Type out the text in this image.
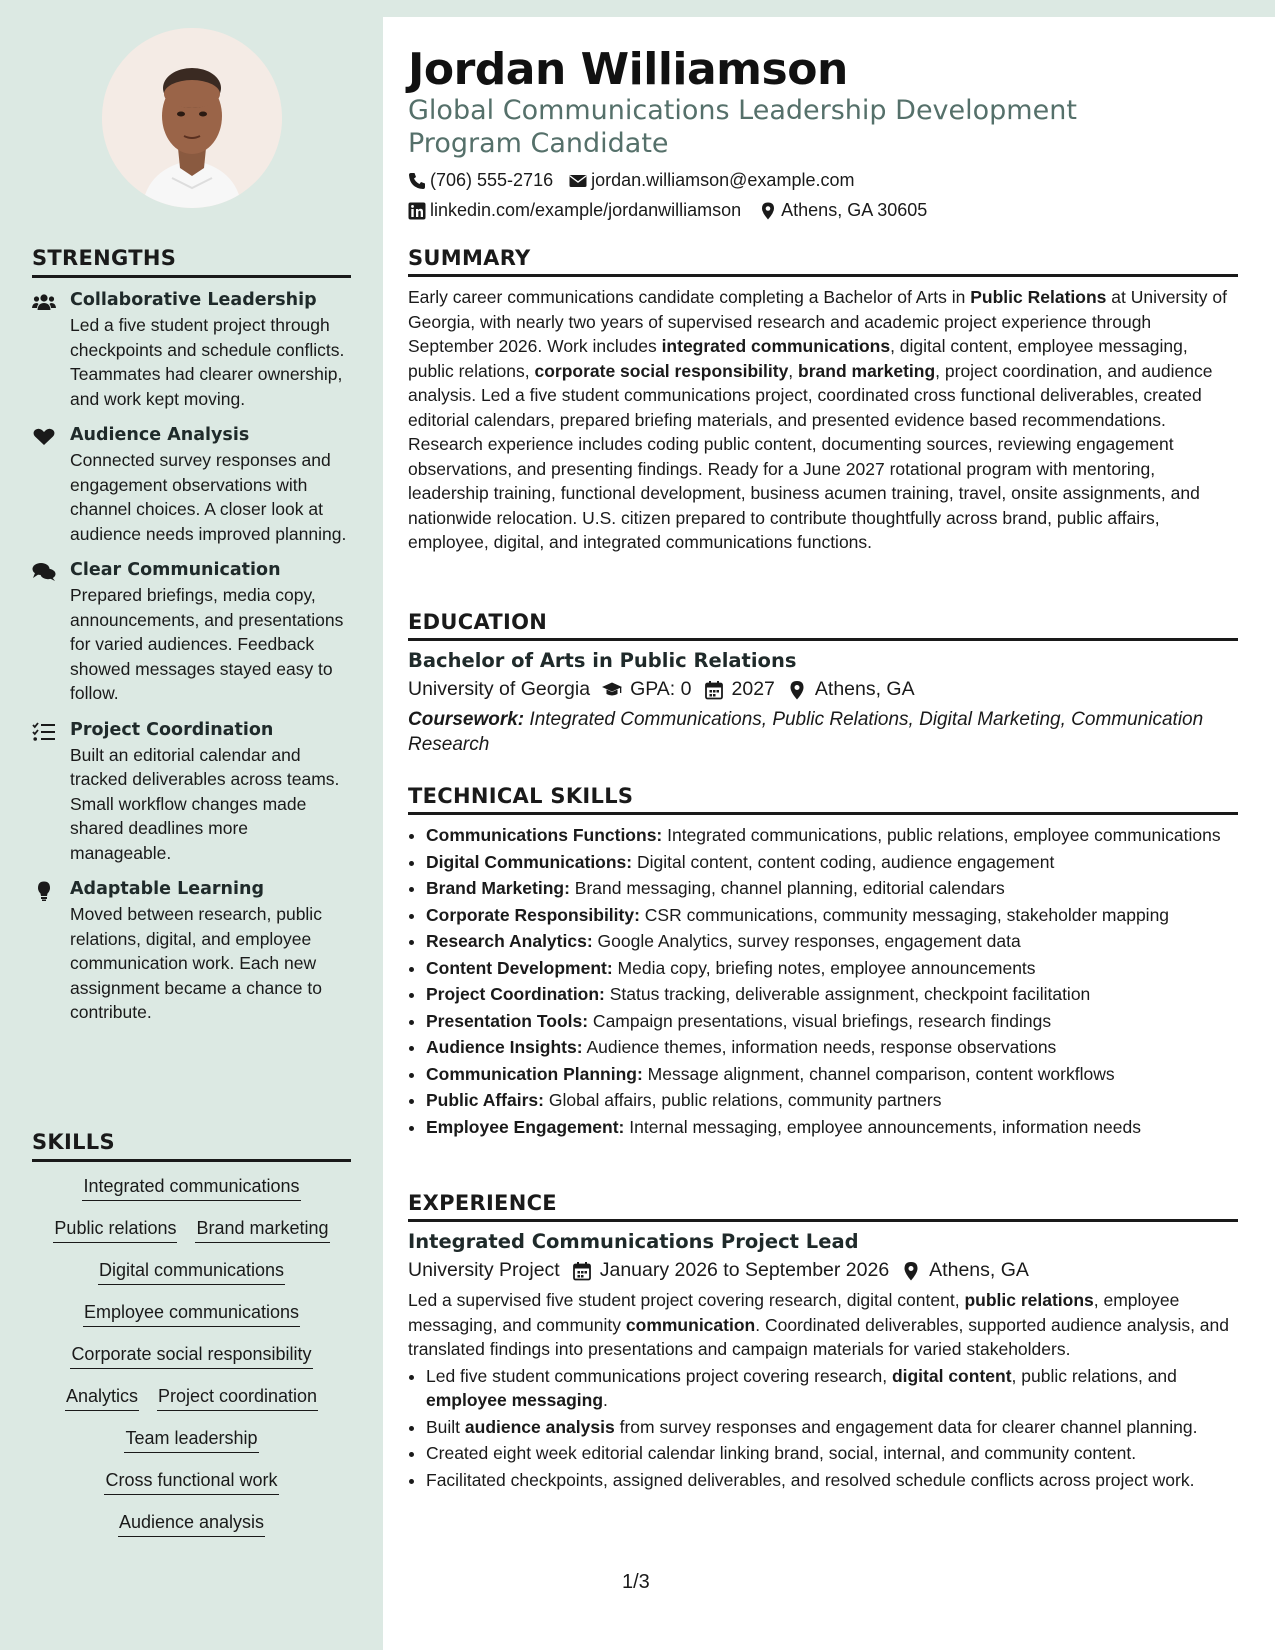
STRENGTHS
Collaborative Leadership
Led a five student project through checkpoints and schedule conflicts. Teammates had clearer ownership, and work kept moving.
Audience Analysis
Connected survey responses and engagement observations with channel choices. A closer look at audience needs improved planning.
Clear Communication
Prepared briefings, media copy, announcements, and presentations for varied audiences. Feedback showed messages stayed easy to follow.
Project Coordination
Built an editorial calendar and tracked deliverables across teams. Small workflow changes made shared deadlines more manageable.
Adaptable Learning
Moved between research, public relations, digital, and employee communication work. Each new assignment became a chance to contribute.
SKILLS
Integrated communications
Public relations Brand marketing
Digital communications
Employee communications
Corporate social responsibility
Analytics Project coordination
Team leadership
Cross functional work
Audience analysis
Jordan Williamson
Global Communications Leadership Development Program Candidate
(706) 555-2716 jordan.williamson@example.com
linkedin.com/example/jordanwilliamson Athens, GA 30605
SUMMARY
Early career communications candidate completing a Bachelor of Arts in Public Relations at University of Georgia, with nearly two years of supervised research and academic project experience through September 2026. Work includes integrated communications, digital content, employee messaging, public relations, corporate social responsibility, brand marketing, project coordination, and audience analysis. Led a five student communications project, coordinated cross functional deliverables, created editorial calendars, prepared briefing materials, and presented evidence based recommendations. Research experience includes coding public content, documenting sources, reviewing engagement observations, and presenting findings. Ready for a June 2027 rotational program with mentoring, leadership training, functional development, business acumen training, travel, onsite assignments, and nationwide relocation. U.S. citizen prepared to contribute thoughtfully across brand, public affairs, employee, digital, and integrated communications functions.
EDUCATION
Bachelor of Arts in Public Relations
University of Georgia GPA: 0 2027 Athens, GA
Coursework: Integrated Communications, Public Relations, Digital Marketing, Communication Research
TECHNICAL SKILLS
• Communications Functions: Integrated communications, public relations, employee communications
• Digital Communications: Digital content, content coding, audience engagement
• Brand Marketing: Brand messaging, channel planning, editorial calendars
• Corporate Responsibility: CSR communications, community messaging, stakeholder mapping
• Research Analytics: Google Analytics, survey responses, engagement data
• Content Development: Media copy, briefing notes, employee announcements
• Project Coordination: Status tracking, deliverable assignment, checkpoint facilitation
• Presentation Tools: Campaign presentations, visual briefings, research findings
• Audience Insights: Audience themes, information needs, response observations
• Communication Planning: Message alignment, channel comparison, content workflows
• Public Affairs: Global affairs, public relations, community partners
• Employee Engagement: Internal messaging, employee announcements, information needs
EXPERIENCE
Integrated Communications Project Lead
University Project January 2026 to September 2026 Athens, GA
Led a supervised five student project covering research, digital content, public relations, employee messaging, and community communication. Coordinated deliverables, supported audience analysis, and translated findings into presentations and campaign materials for varied stakeholders.
• Led five student communications project covering research, digital content, public relations, and employee messaging.
• Built audience analysis from survey responses and engagement data for clearer channel planning.
• Created eight week editorial calendar linking brand, social, internal, and community content.
• Facilitated checkpoints, assigned deliverables, and resolved schedule conflicts across project work.
1/3
